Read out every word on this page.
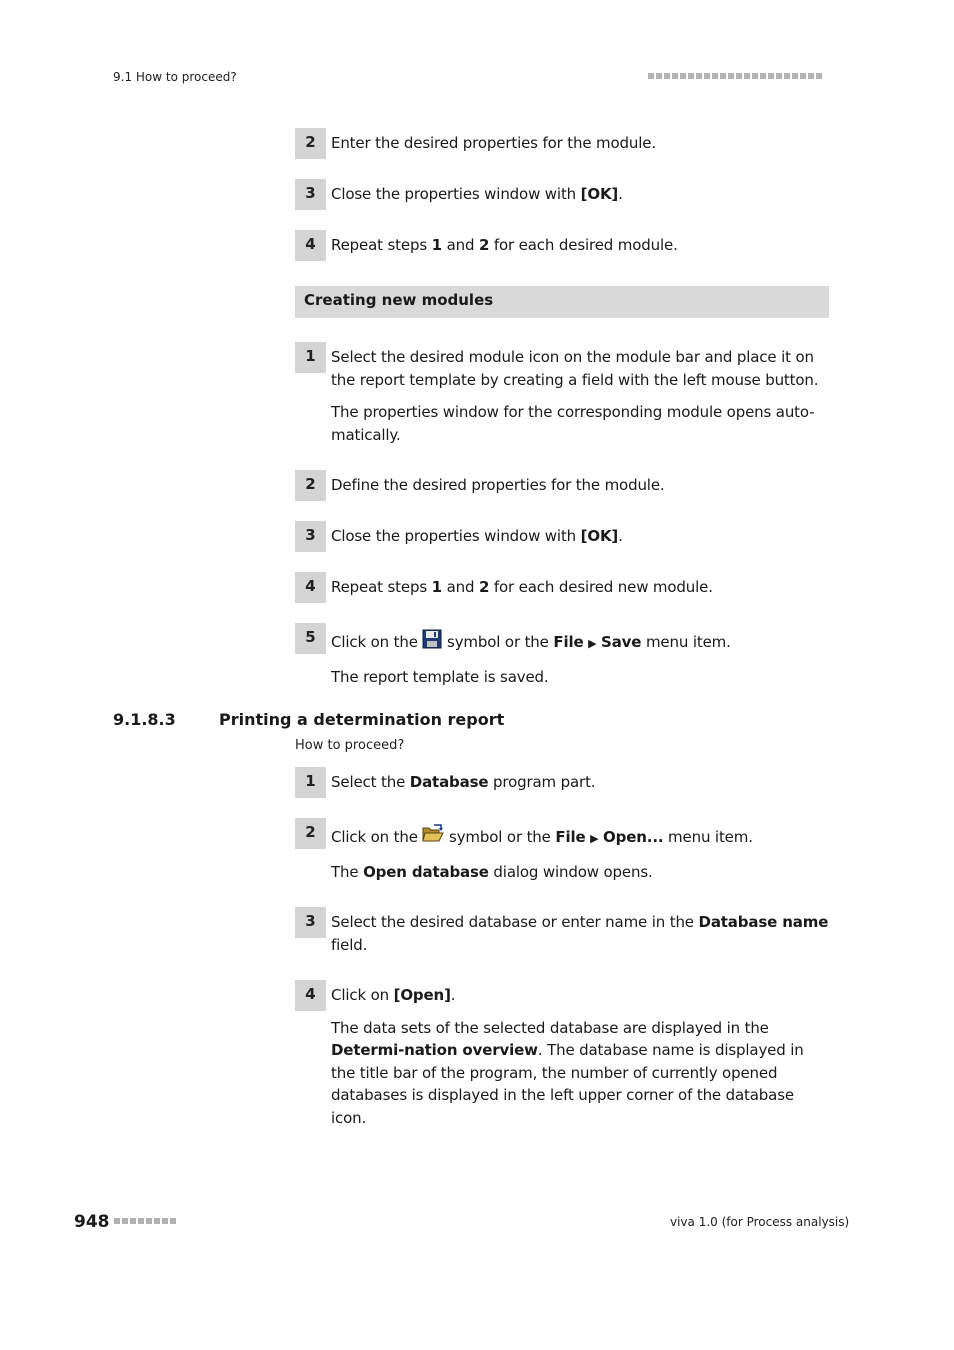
9.1 How to proceed?
2	Enter the desired properties for the module.

3	Close the properties window with [OK].

4	Repeat steps 1 and 2 for each desired module.

Creating new modules
1	Select the desired module icon on the module bar and place it on the report template by creating a field with the left mouse button.

The properties window for the corresponding module opens auto-matically.

2	Define the desired properties for the module.

3	Close the properties window with [OK].

4	Repeat steps 1 and 2 for each desired new module.

5	Click on the  symbol or the File ▶ Save menu item.

The report template is saved.

9.1.8.3	Printing a determination report
How to proceed?
1	Select the Database program part.

2	Click on the  symbol or the File ▶ Open... menu item.

The Open database dialog window opens.

3	Select the desired database or enter name in the Database name field.

4	Click on [Open].

The data sets of the selected database are displayed in the Determi-nation overview. The database name is displayed in the title bar of the program, the number of currently opened databases is displayed in the left upper corner of the database icon.

948	viva 1.0 (for Process analysis)
